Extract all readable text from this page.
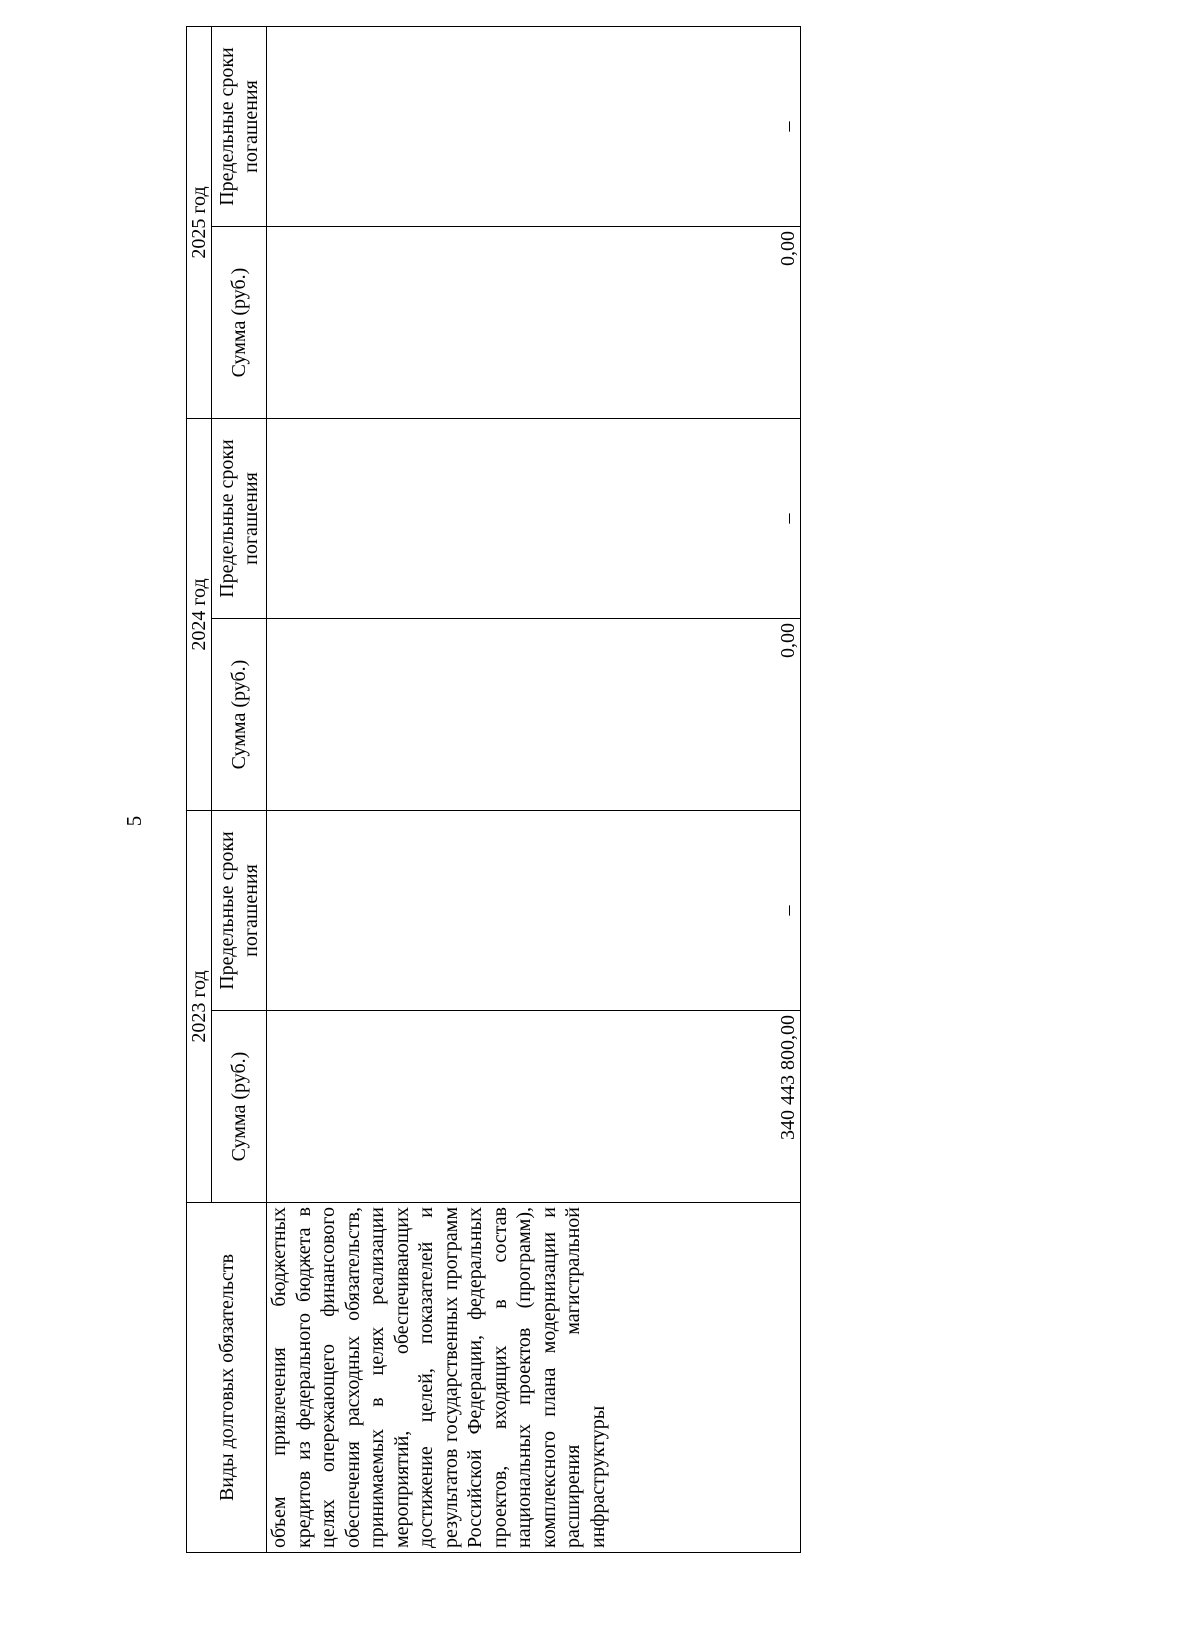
5
Виды долговых обязательств	2023 год		2024 год		2025 год	
	Сумма (руб.)	Предельные сроки погашения	Сумма (руб.)	Предельные сроки погашения	Сумма (руб.)	Предельные сроки погашения
объем привлечения бюджетных кредитов из федерального бюджета в целях опережающего финансового обеспечения расходных обязательств, принимаемых в целях реализации мероприятий, обеспечивающих достижение целей, показателей и результатов государственных программ Российской Федерации, федеральных проектов, входящих в состав национальных проектов (программ), комплексного плана модернизации и расширения магистральной инфраструктуры	340 443 800,00	–	0,00	–	0,00	–
